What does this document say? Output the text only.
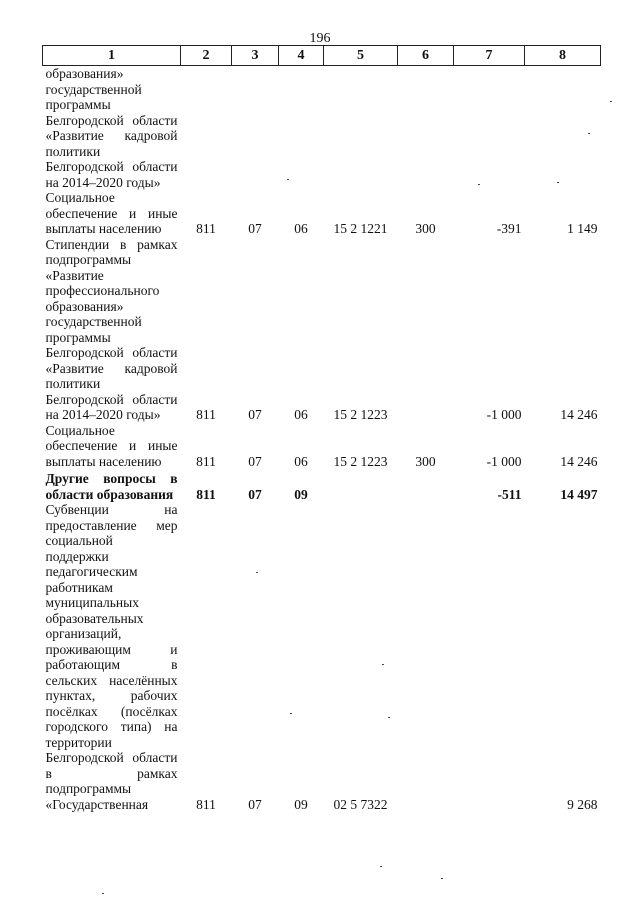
196
1	2	3	4	5	6	7	8
образования» государственной программы Белгородской области «Развитие кадровой политики Белгородской области на 2014–2020 годы»							
Социальное обеспечение и иные выплаты населению	811	07	06	15 2 1221	300	-391	1 149
Стипендии в рамках подпрограммы «Развитие профессионального образования» государственной программы Белгородской области «Развитие кадровой политики Белгородской области на 2014–2020 годы»	811	07	06	15 2 1223		-1 000	14 246
Социальное обеспечение и иные выплаты населению	811	07	06	15 2 1223	300	-1 000	14 246
Другие вопросы в области образования	811	07	09			-511	14 497
Субвенции на предоставление мер социальной поддержки педагогическим работникам муниципальных образовательных организаций, проживающим и работающим в сельских населённых пунктах, рабочих посёлках (посёлках городского типа) на территории Белгородской области в рамках подпрограммы «Государственная	811	07	09	02 5 7322			9 268
